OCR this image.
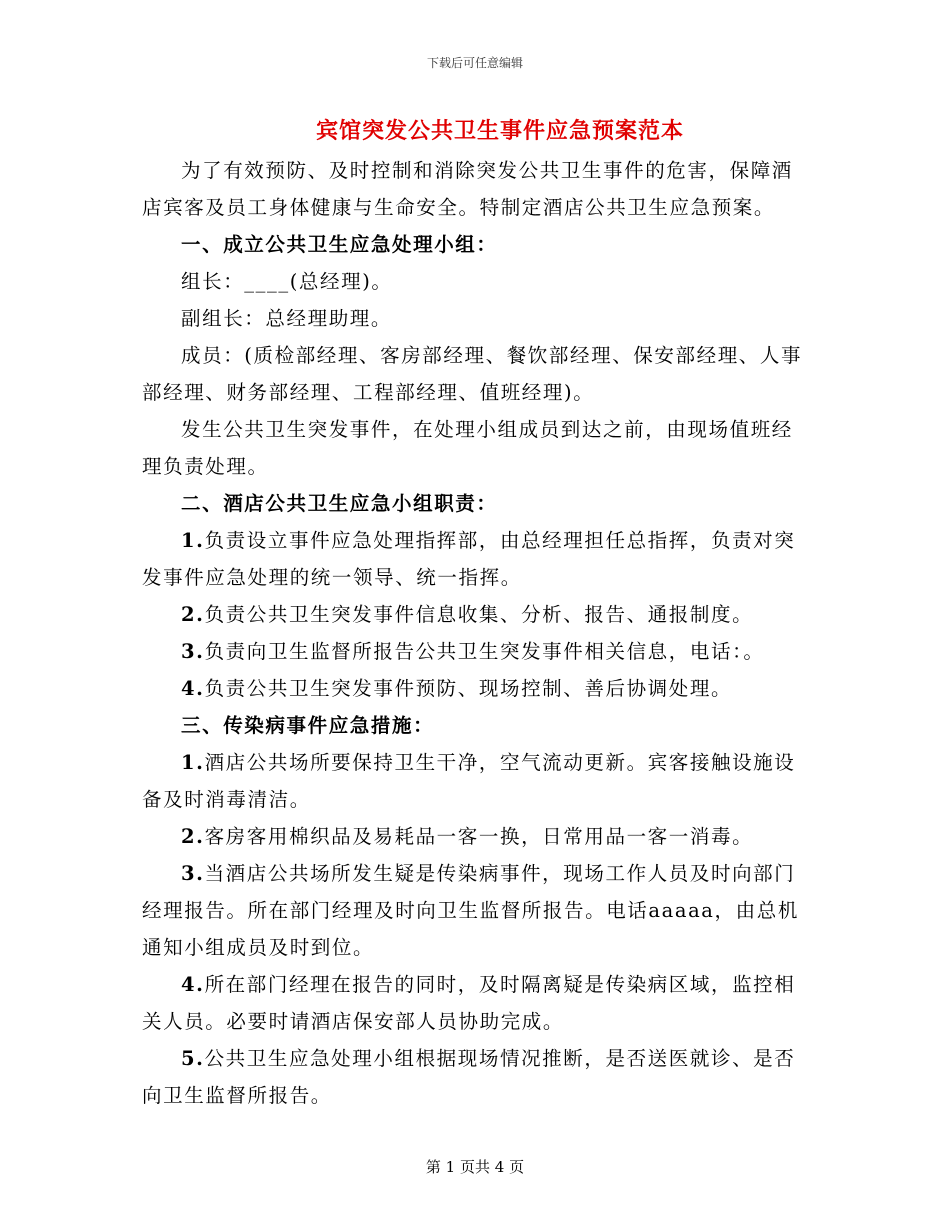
下载后可任意编辑
宾馆突发公共卫生事件应急预案范本

为了有效预防、及时控制和消除突发公共卫生事件的危害，保障酒店宾客及员工身体健康与生命安全。特制定酒店公共卫生应急预案。

一、成立公共卫生应急处理小组：

组长：____(总经理)。

副组长：总经理助理。

成员：(质检部经理、客房部经理、餐饮部经理、保安部经理、人事部经理、财务部经理、工程部经理、值班经理)。

发生公共卫生突发事件，在处理小组成员到达之前，由现场值班经理负责处理。

二、酒店公共卫生应急小组职责：

1.负责设立事件应急处理指挥部，由总经理担任总指挥，负责对突发事件应急处理的统一领导、统一指挥。

2.负责公共卫生突发事件信息收集、分析、报告、通报制度。

3.负责向卫生监督所报告公共卫生突发事件相关信息，电话：。

4.负责公共卫生突发事件预防、现场控制、善后协调处理。

三、传染病事件应急措施：

1.酒店公共场所要保持卫生干净，空气流动更新。宾客接触设施设备及时消毒清洁。

2.客房客用棉织品及易耗品一客一换，日常用品一客一消毒。

3.当酒店公共场所发生疑是传染病事件，现场工作人员及时向部门经理报告。所在部门经理及时向卫生监督所报告。电话aaaaa，由总机通知小组成员及时到位。

4.所在部门经理在报告的同时，及时隔离疑是传染病区域，监控相关人员。必要时请酒店保安部人员协助完成。

5.公共卫生应急处理小组根据现场情况推断，是否送医就诊、是否向卫生监督所报告。

第 1 页共 4 页
